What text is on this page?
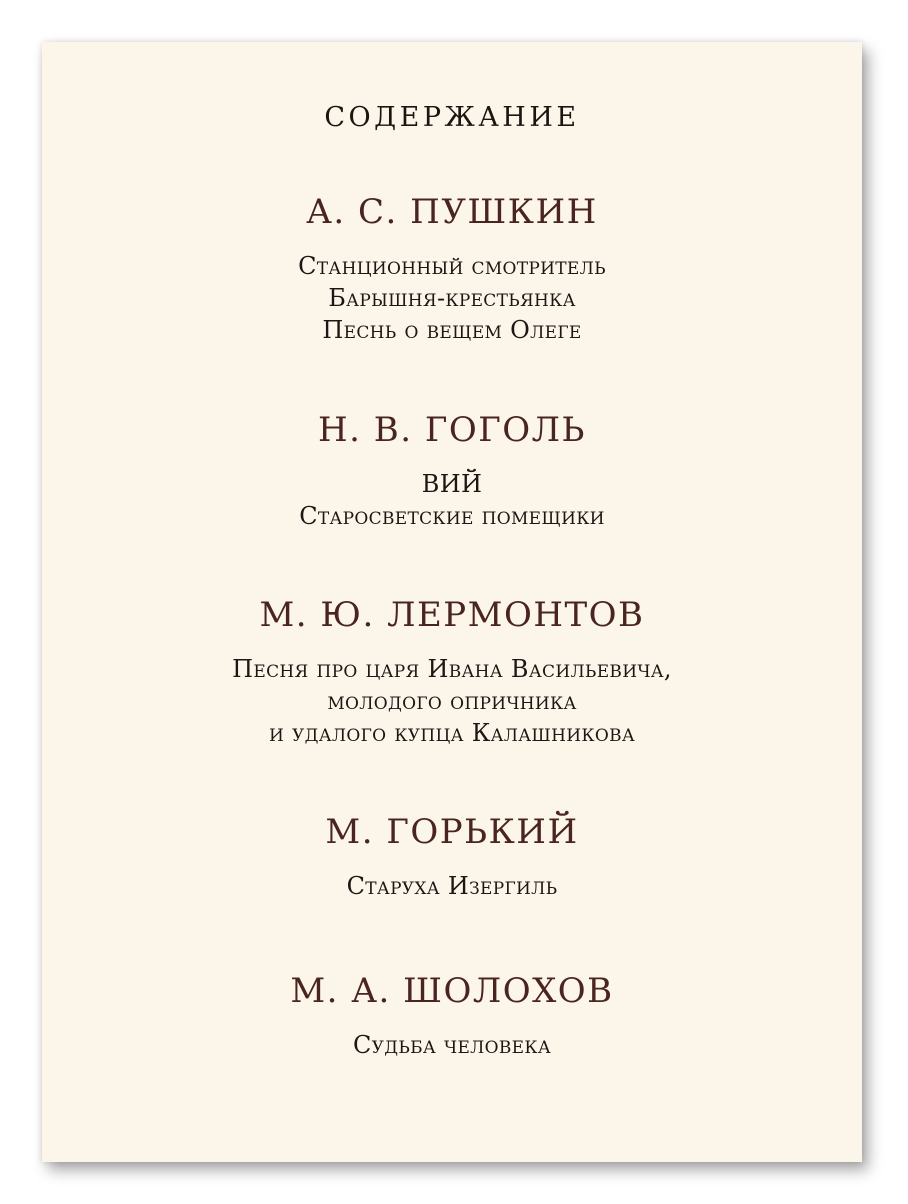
СОДЕРЖАНИЕ
А. С. ПУШКИН
Станционный смотритель
Барышня-крестьянка
Песнь о вещем Олеге
Н. В. ГОГОЛЬ
ВИЙ
Старосветские помещики
М. Ю. ЛЕРМОНТОВ
Песня про царя Ивана Васильевича,
молодого опричника
и удалого купца Калашникова
М. ГОРЬКИЙ
Старуха Изергиль
М. А. ШОЛОХОВ
Судьба человека
